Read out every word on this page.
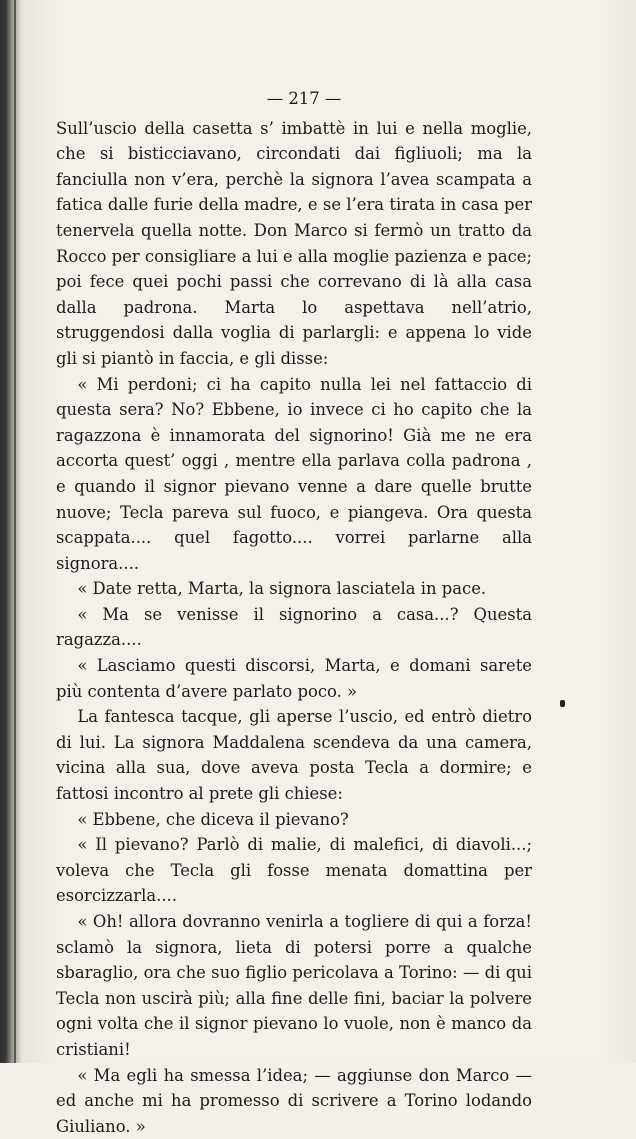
— 217 —

Sull’uscio della casetta s’ imbattè in lui e nella moglie, che si bisticciavano, circondati dai figliuoli; ma la fanciulla non v’era, perchè la signora l’avea scampata a fatica dalle furie della madre, e se l’era tirata in casa per tenervela quella notte. Don Marco si fermò un tratto da Rocco per consigliare a lui e alla moglie pazienza e pace; poi fece quei pochi passi che correvano di là alla casa dalla padrona. Marta lo aspettava nell’atrio, struggendosi dalla voglia di parlargli: e appena lo vide gli si piantò in faccia, e gli disse:

« Mi perdoni; ci ha capito nulla lei nel fattaccio di questa sera? No? Ebbene, io invece ci ho capito che la ragazzona è innamorata del signorino! Già me ne era accorta quest’ oggi , mentre ella parlava colla padrona , e quando il signor pievano venne a dare quelle brutte nuove; Tecla pareva sul fuoco, e piangeva. Ora questa scappata.... quel fagotto.... vorrei parlarne alla signora....

« Date retta, Marta, la signora lasciatela in pace.

« Ma se venisse il signorino a casa...? Questa ragazza....

« Lasciamo questi discorsi, Marta, e domani sarete più contenta d’avere parlato poco. »

La fantesca tacque, gli aperse l’uscio, ed entrò dietro di lui. La signora Maddalena scendeva da una camera, vicina alla sua, dove aveva posta Tecla a dormire; e fattosi incontro al prete gli chiese:

« Ebbene, che diceva il pievano?

« Il pievano? Parlò di malie, di malefici, di diavoli...; voleva che Tecla gli fosse menata domattina per esorcizzarla....

« Oh! allora dovranno venirla a togliere di qui a forza! sclamò la signora, lieta di potersi porre a qualche sbaraglio, ora che suo figlio pericolava a Torino: — di qui Tecla non uscirà più; alla fine delle fini, baciar la polvere ogni volta che il signor pievano lo vuole, non è manco da cristiani!

« Ma egli ha smessa l’idea; — aggiunse don Marco — ed anche mi ha promesso di scrivere a Torino lodando Giuliano. »
